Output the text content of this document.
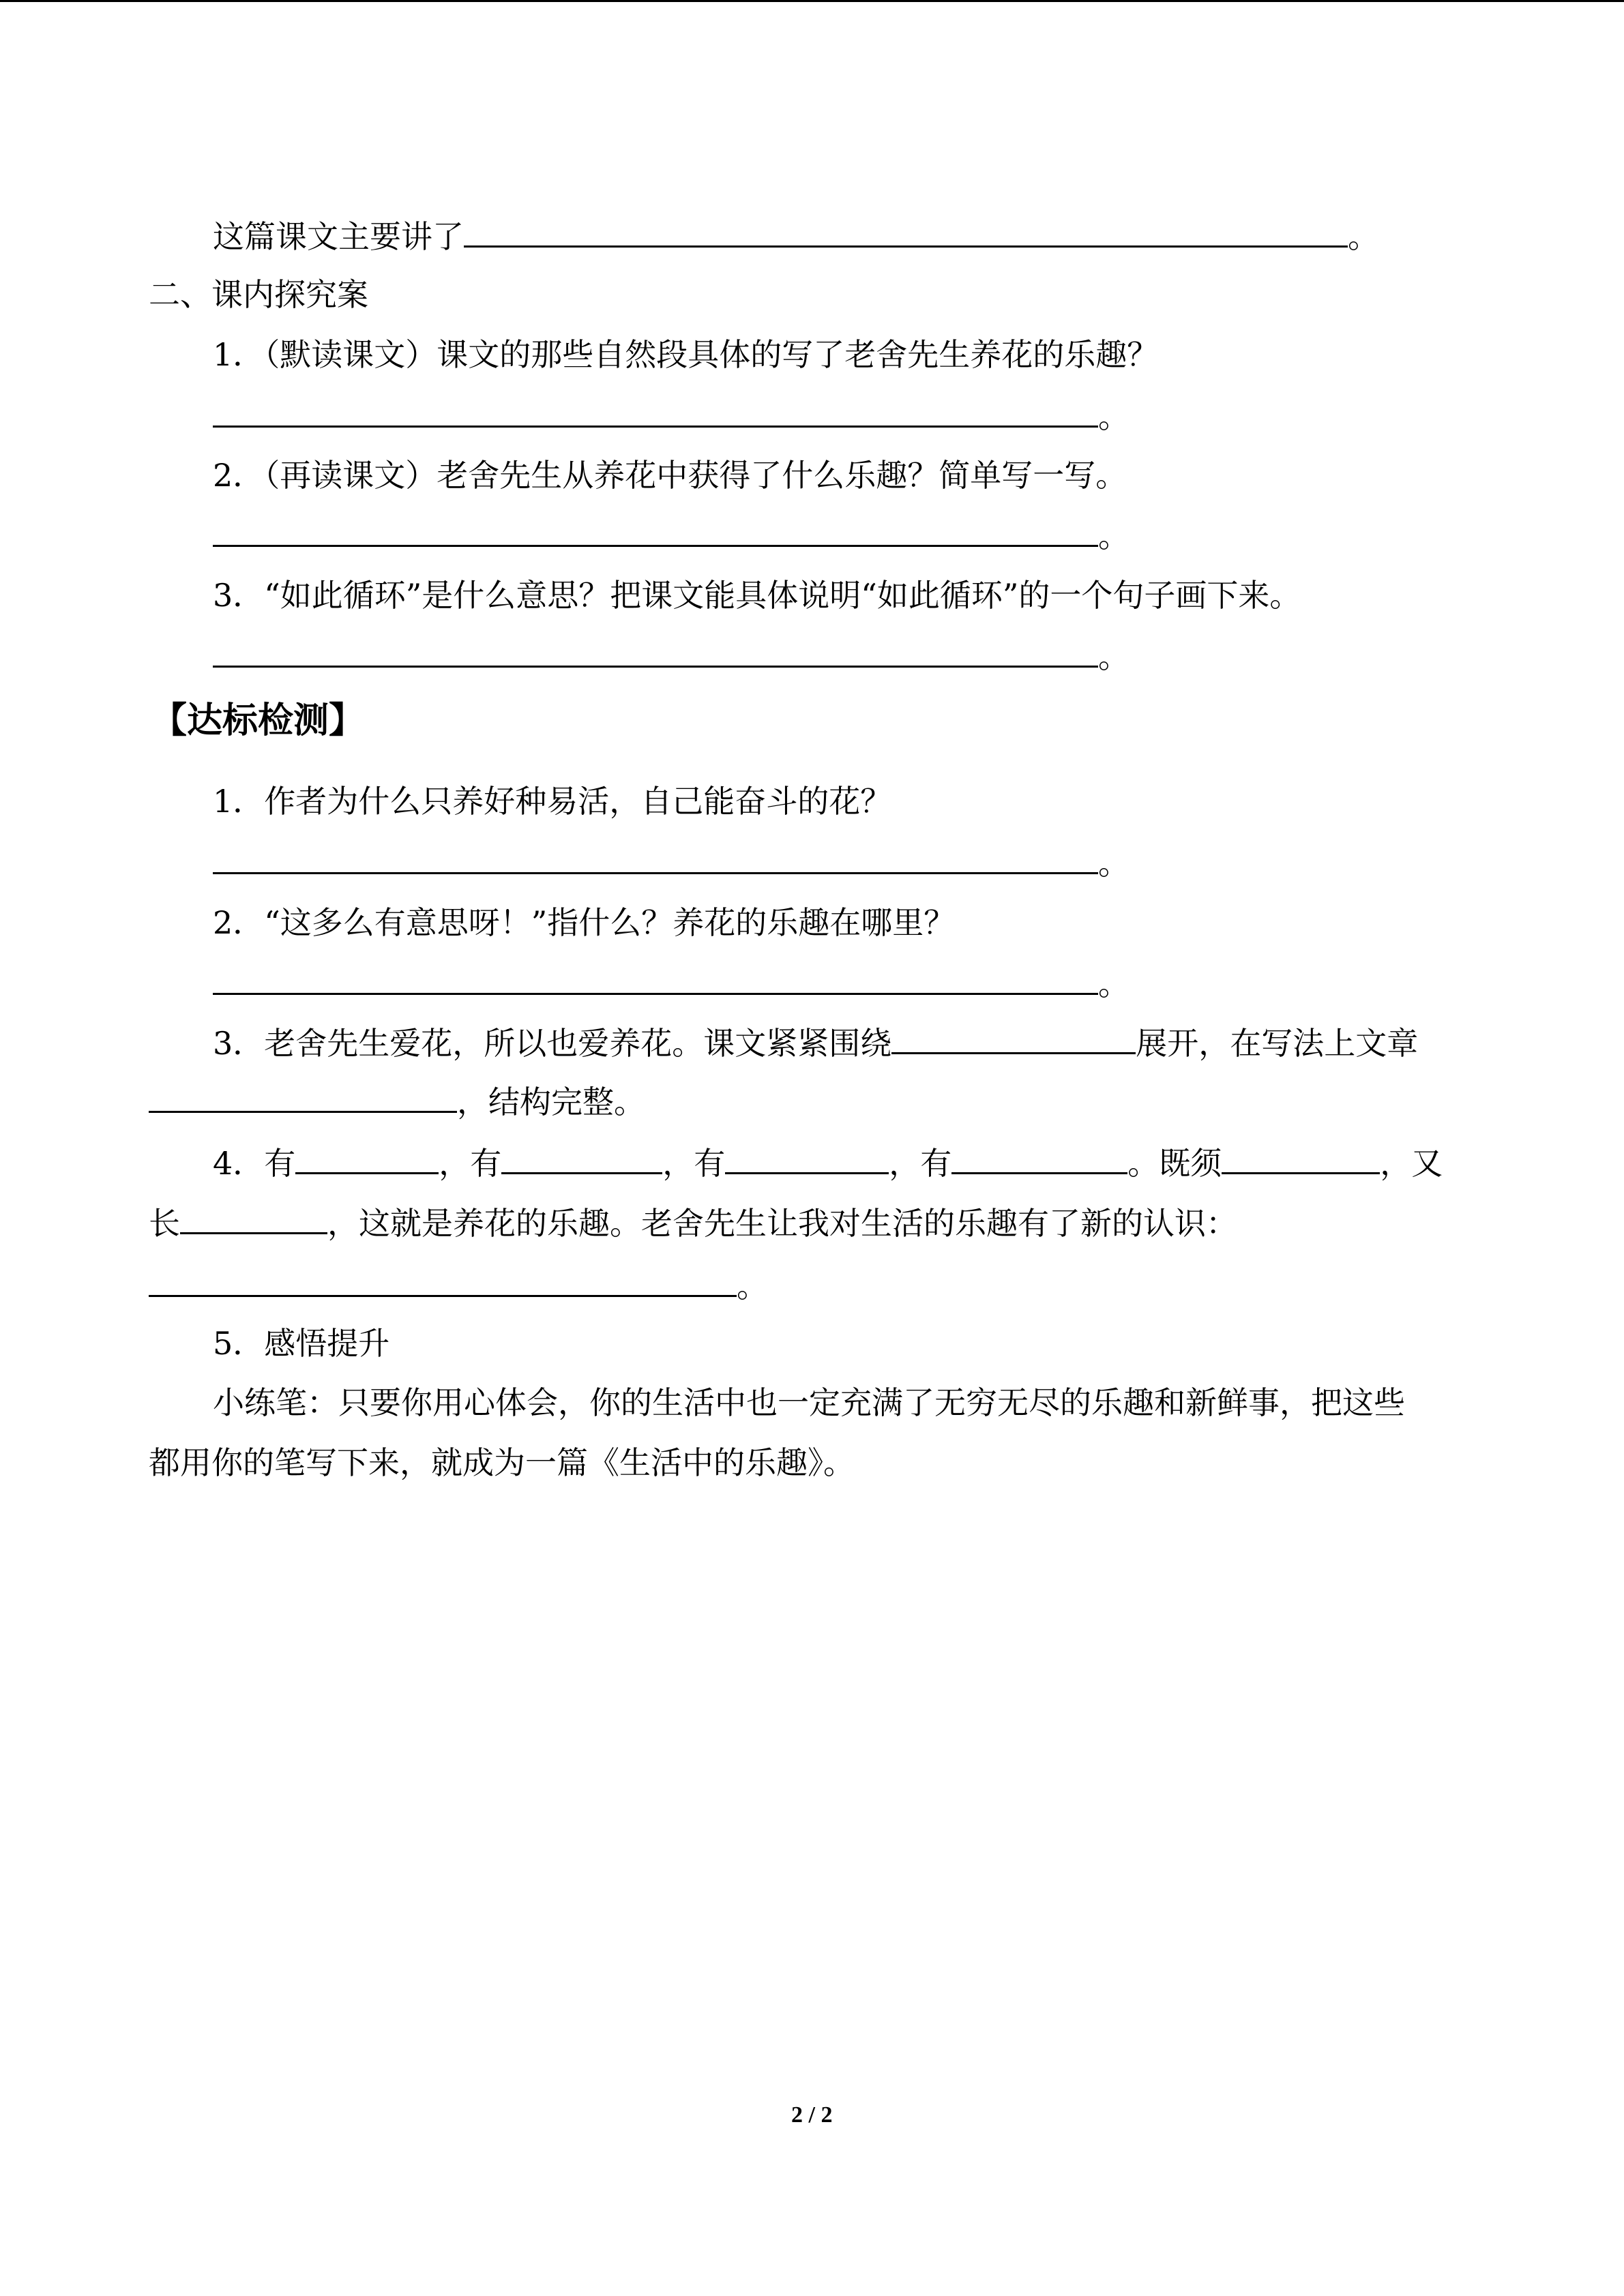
这篇课文主要讲了	。
二、课内探究案
1．（默读课文）课文的那些自然段具体的写了老舍先生养花的乐趣？
。
2．（再读课文）老舍先生从养花中获得了什么乐趣？简单写一写。
。
3．“如此循环”是什么意思？把课文能具体说明“如此循环”的一个句子画下来。
。
【达标检测】
1．作者为什么只养好种易活，自己能奋斗的花？
。
2．“这多么有意思呀！”指什么？养花的乐趣在哪里？
。
3．老舍先生爱花，所以也爱养花。课文紧紧围绕	展开，在写法上文章
，结构完整。
4．有	，有	，有	，有	。既须	，又
长	，这就是养花的乐趣。老舍先生让我对生活的乐趣有了新的认识：
。
5．感悟提升
小练笔：只要你用心体会，你的生活中也一定充满了无穷无尽的乐趣和新鲜事，把这些
都用你的笔写下来，就成为一篇《生活中的乐趣》。
2 / 2
